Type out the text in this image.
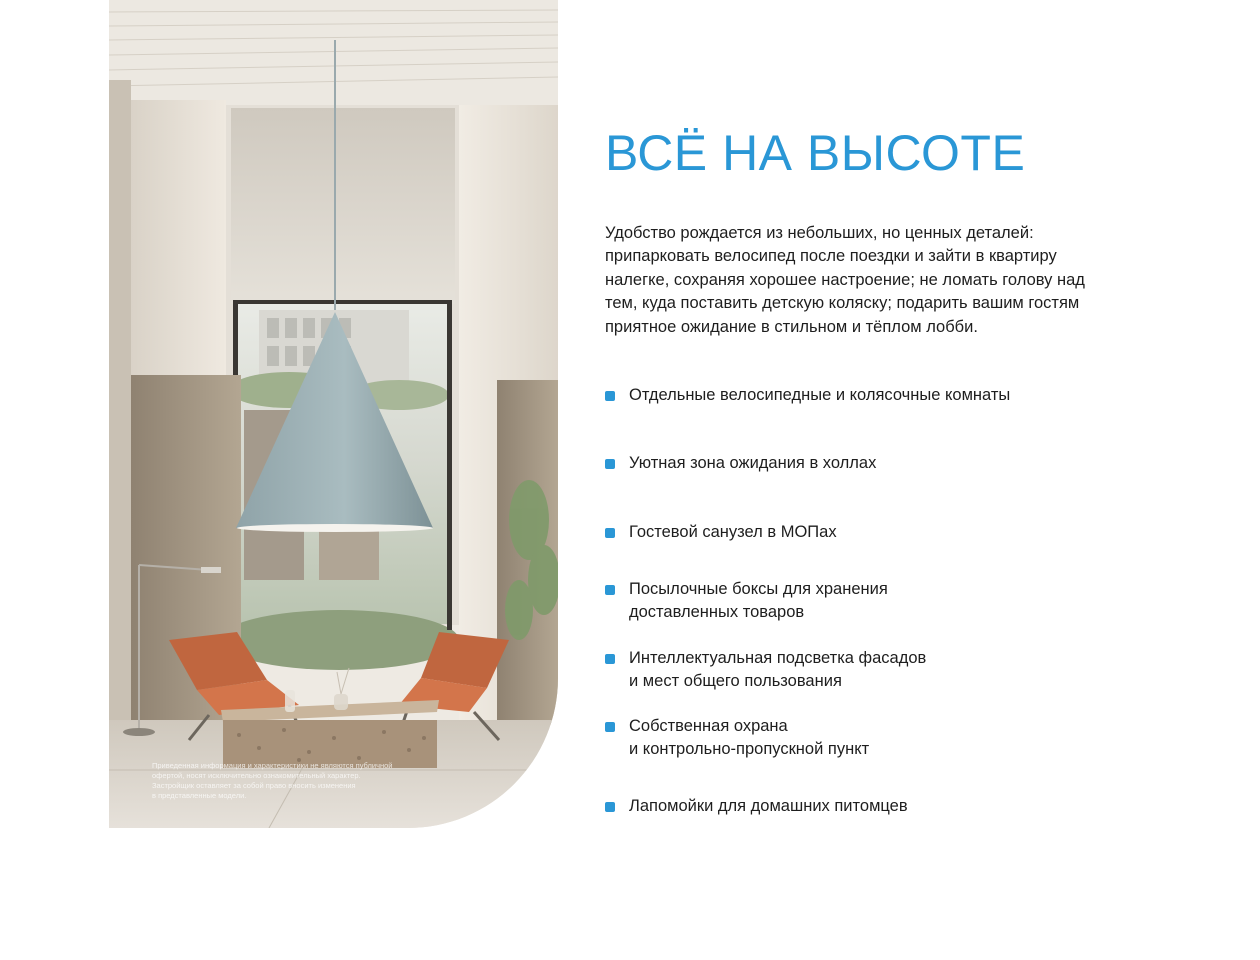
Приведенная информация и характеристики не являются публичной
офертой, носят исключительно ознакомительный характер.
Застройщик оставляет за собой право вносить изменения
в представленные модели.
ВСЁ НА ВЫСОТЕ

Удобство рождается из небольших, но ценных деталей: припарковать велосипед после поездки и зайти в квартиру налегке, сохраняя хорошее настроение; не ломать голову над тем, куда поставить детскую коляску; подарить вашим гостям приятное ожидание в стильном и тёплом лобби.

Отдельные велосипедные и колясочные комнаты
Уютная зона ожидания в холлах
Гостевой санузел в МОПах
Посылочные боксы для хранения
доставленных товаров
Интеллектуальная подсветка фасадов
и мест общего пользования
Собственная охрана
и контрольно-пропускной пункт
Лапомойки для домашних питомцев
